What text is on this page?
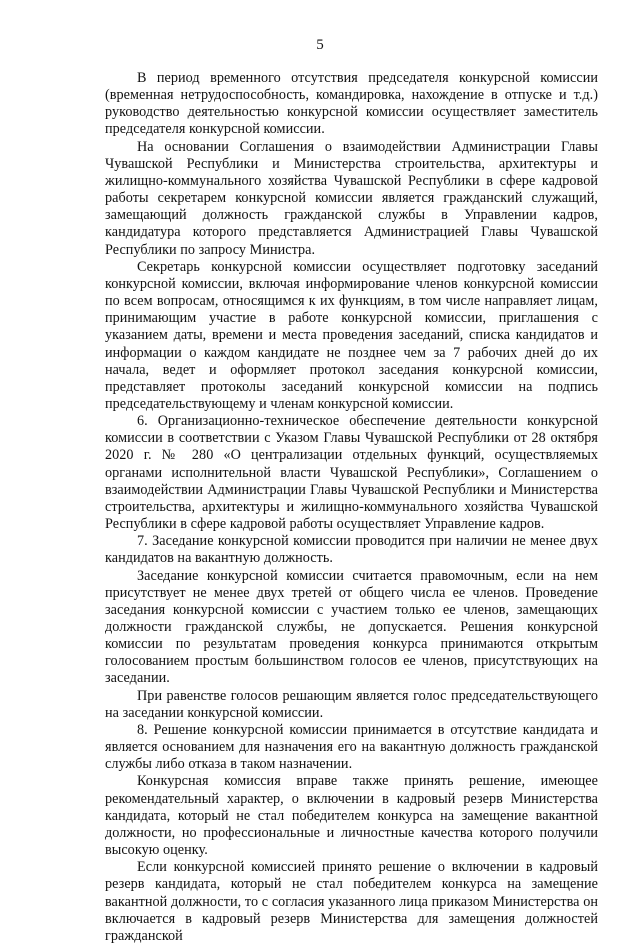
5

В период временного отсутствия председателя конкурсной комиссии (временная нетрудоспособность, командировка, нахождение в отпуске и т.д.) руководство деятельностью конкурсной комиссии осуществляет заместитель председателя конкурсной комиссии.

На основании Соглашения о взаимодействии Администрации Главы Чувашской Республики и Министерства строительства, архитектуры и жилищно-коммунального хозяйства Чувашской Республики в сфере кадровой работы секретарем конкурсной комиссии является гражданский служащий, замещающий должность гражданской службы в Управлении кадров, кандидатура которого представляется Администрацией Главы Чувашской Республики по запросу Министра.

Секретарь конкурсной комиссии осуществляет подготовку заседаний конкурсной комиссии, включая информирование членов конкурсной комиссии по всем вопросам, относящимся к их функциям, в том числе направляет лицам, принимающим участие в работе конкурсной комиссии, приглашения с указанием даты, времени и места проведения заседаний, списка кандидатов и информации о каждом кандидате не позднее чем за 7 рабочих дней до их начала, ведет и оформляет протокол заседания конкурсной комиссии, представляет протоколы заседаний конкурсной комиссии на подпись председательствующему и членам конкурсной комиссии.

6. Организационно-техническое обеспечение деятельности конкурсной комиссии в соответствии с Указом Главы Чувашской Республики от 28 октября 2020 г. № 280 «О централизации отдельных функций, осуществляемых органами исполнительной власти Чувашской Республики», Соглашением о взаимодействии Администрации Главы Чувашской Республики и Министерства строительства, архитектуры и жилищно-коммунального хозяйства Чувашской Республики в сфере кадровой работы осуществляет Управление кадров.

7. Заседание конкурсной комиссии проводится при наличии не менее двух кандидатов на вакантную должность.

Заседание конкурсной комиссии считается правомочным, если на нем присутствует не менее двух третей от общего числа ее членов. Проведение заседания конкурсной комиссии с участием только ее членов, замещающих должности гражданской службы, не допускается. Решения конкурсной комиссии по результатам проведения конкурса принимаются открытым голосованием простым большинством голосов ее членов, присутствующих на заседании.

При равенстве голосов решающим является голос председательствующего на заседании конкурсной комиссии.

8. Решение конкурсной комиссии принимается в отсутствие кандидата и является основанием для назначения его на вакантную должность гражданской службы либо отказа в таком назначении.

Конкурсная комиссия вправе также принять решение, имеющее рекомендательный характер, о включении в кадровый резерв Министерства кандидата, который не стал победителем конкурса на замещение вакантной должности, но профессиональные и личностные качества которого получили высокую оценку.

Если конкурсной комиссией принято решение о включении в кадровый резерв кандидата, который не стал победителем конкурса на замещение вакантной должности, то с согласия указанного лица приказом Министерства он включается в кадровый резерв Министерства для замещения должностей гражданской
